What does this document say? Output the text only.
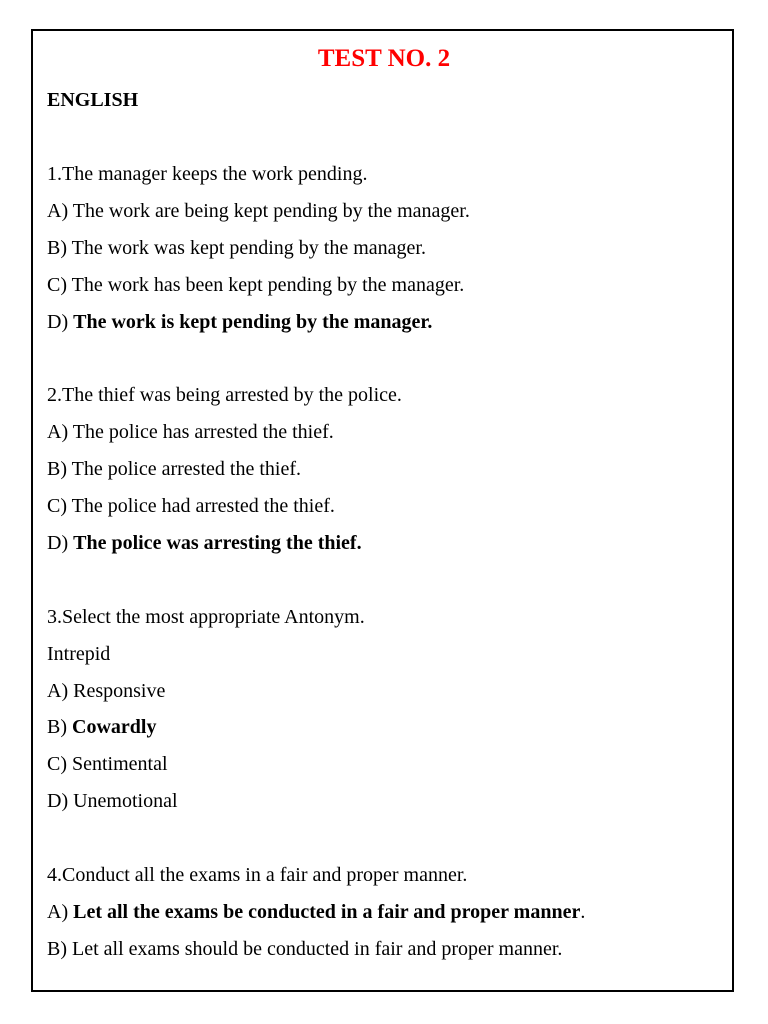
TEST NO. 2
ENGLISH
1.The manager keeps the work pending.
A) The work are being kept pending by the manager.
B) The work was kept pending by the manager.
C) The work has been kept pending by the manager.
D) The work is kept pending by the manager.
2.The thief was being arrested by the police.
A) The police has arrested the thief.
B) The police arrested the thief.
C) The police had arrested the thief.
D) The police was arresting the thief.
3.Select the most appropriate Antonym.
Intrepid
A) Responsive
B) Cowardly
C) Sentimental
D) Unemotional
4.Conduct all the exams in a fair and proper manner.
A) Let all the exams be conducted in a fair and proper manner.
B) Let all exams should be conducted in fair and proper manner.
